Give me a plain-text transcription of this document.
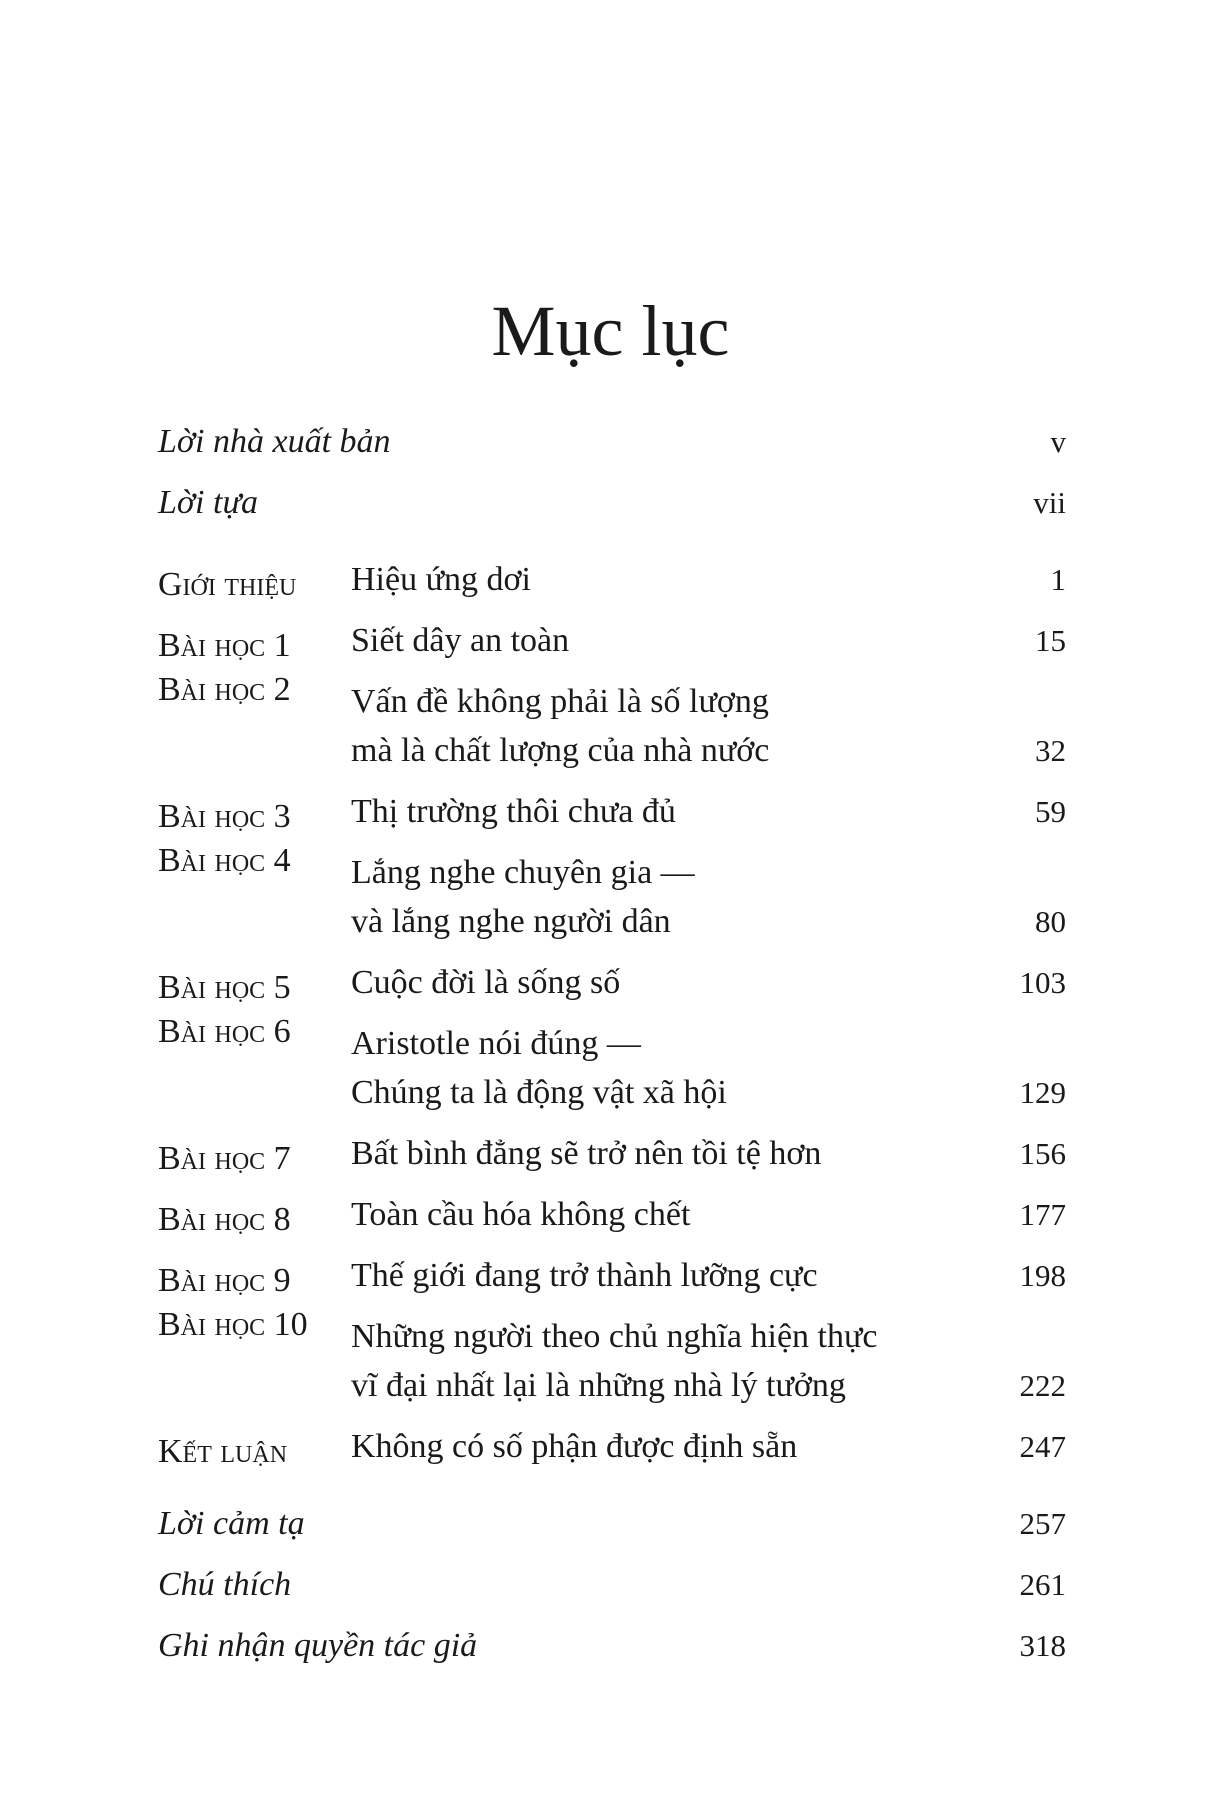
Mục lục
Lời nhà xuất bản	v
Lời tựa	vii
Giới thiệu	Hiệu ứng dơi	1
Bài học 1	Siết dây an toàn	15
Bài học 2	Vấn đề không phải là số lượng
mà là chất lượng của nhà nước	32
Bài học 3	Thị trường thôi chưa đủ	59
Bài học 4	Lắng nghe chuyên gia —
và lắng nghe người dân	80
Bài học 5	Cuộc đời là sống số	103
Bài học 6	Aristotle nói đúng —
Chúng ta là động vật xã hội	129
Bài học 7	Bất bình đẳng sẽ trở nên tồi tệ hơn	156
Bài học 8	Toàn cầu hóa không chết	177
Bài học 9	Thế giới đang trở thành lưỡng cực	198
Bài học 10	Những người theo chủ nghĩa hiện thực
vĩ đại nhất lại là những nhà lý tưởng	222
Kết luận	Không có số phận được định sẵn	247
Lời cảm tạ	257
Chú thích	261
Ghi nhận quyền tác giả	318
